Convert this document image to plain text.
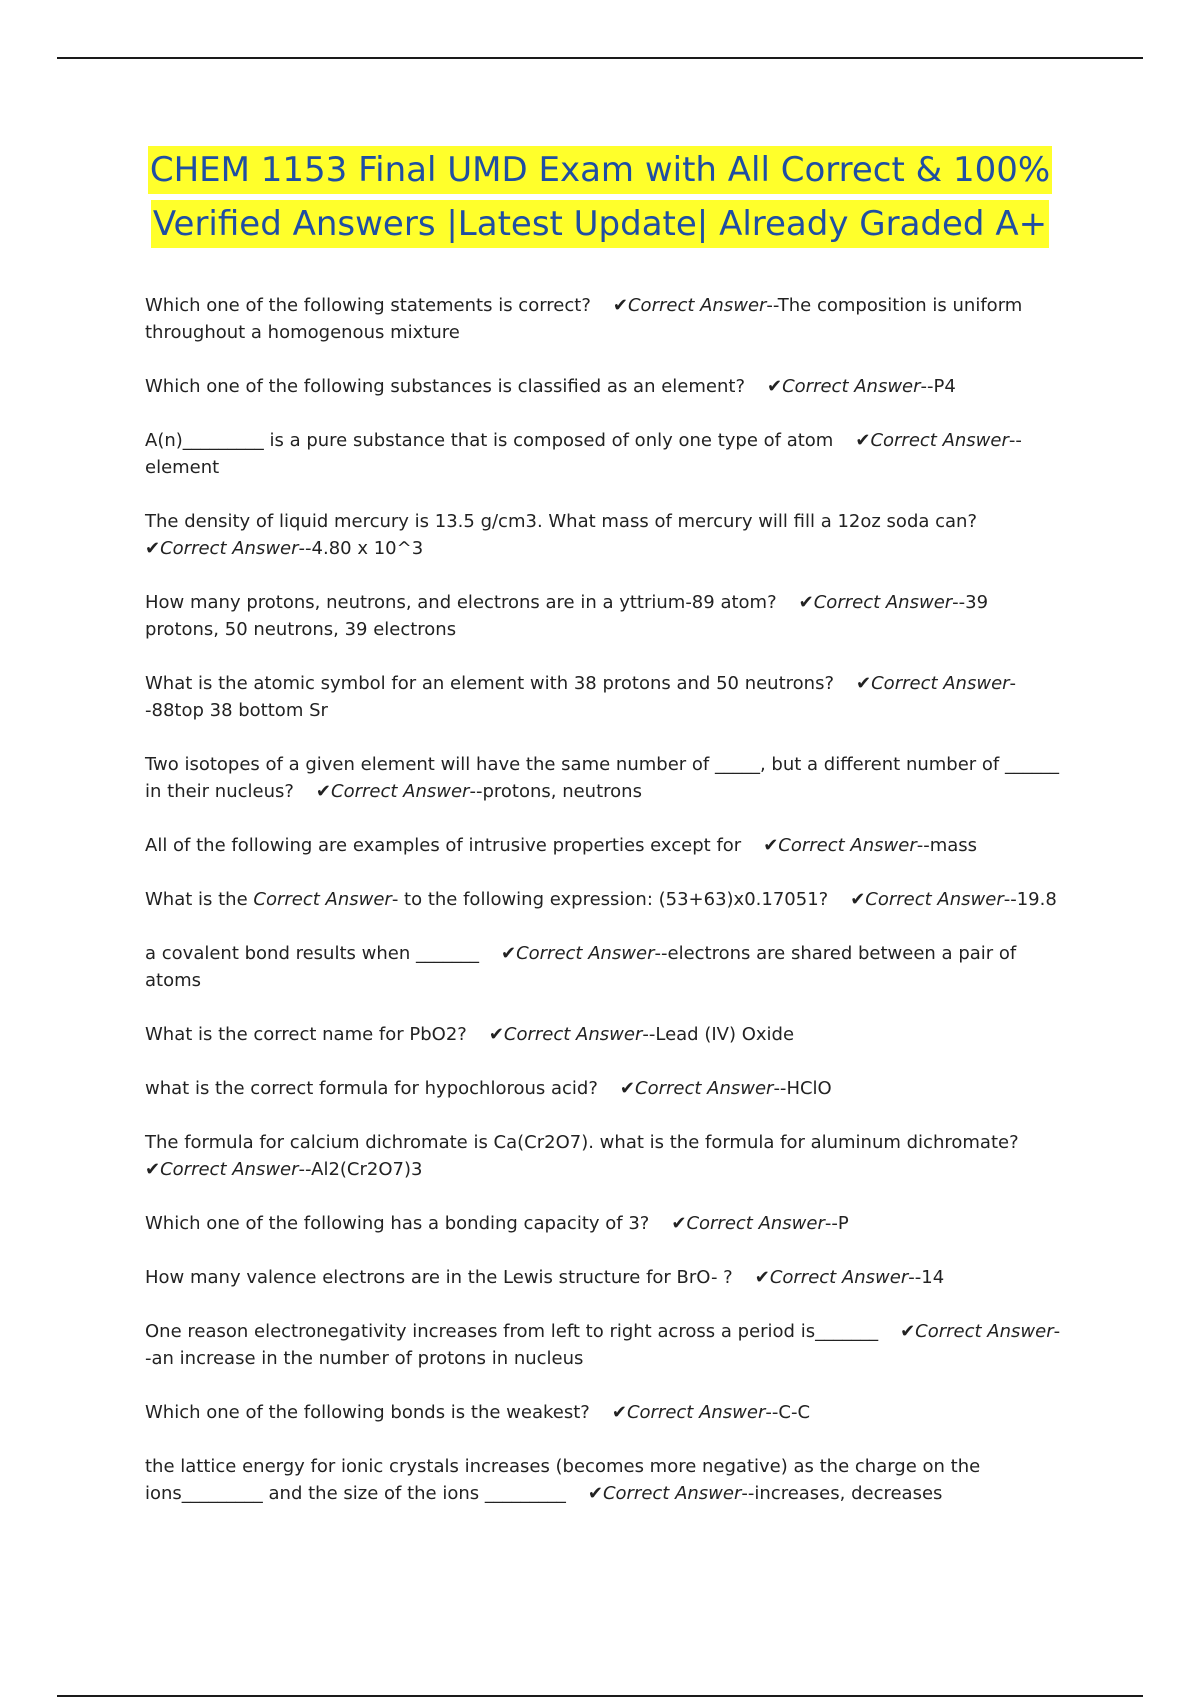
CHEM 1153 Final UMD Exam with All Correct & 100%
Verified Answers |Latest Update| Already Graded A+
Which one of the following statements is correct? ✔Correct Answer--The composition is uniform throughout a homogenous mixture
Which one of the following substances is classified as an element? ✔Correct Answer--P4
A(n)_________ is a pure substance that is composed of only one type of atom ✔Correct Answer--element
The density of liquid mercury is 13.5 g/cm3. What mass of mercury will fill a 12oz soda can?✔Correct Answer--4.80 x 10^3
How many protons, neutrons, and electrons are in a yttrium-89 atom? ✔Correct Answer--39 protons, 50 neutrons, 39 electrons
What is the atomic symbol for an element with 38 protons and 50 neutrons? ✔Correct Answer--88top 38 bottom Sr
Two isotopes of a given element will have the same number of _____, but a different number of ______ in their nucleus? ✔Correct Answer--protons, neutrons
All of the following are examples of intrusive properties except for ✔Correct Answer--mass
What is the Correct Answer- to the following expression: (53+63)x0.17051? ✔Correct Answer--19.8
a covalent bond results when _______ ✔Correct Answer--electrons are shared between a pair of atoms
What is the correct name for PbO2? ✔Correct Answer--Lead (IV) Oxide
what is the correct formula for hypochlorous acid? ✔Correct Answer--HClO
The formula for calcium dichromate is Ca(Cr2O7). what is the formula for aluminum dichromate?✔Correct Answer--Al2(Cr2O7)3
Which one of the following has a bonding capacity of 3? ✔Correct Answer--P
How many valence electrons are in the Lewis structure for BrO- ? ✔Correct Answer--14
One reason electronegativity increases from left to right across a period is_______ ✔Correct Answer--an increase in the number of protons in nucleus
Which one of the following bonds is the weakest? ✔Correct Answer--C-C
the lattice energy for ionic crystals increases (becomes more negative) as the charge on the ions_________ and the size of the ions _________ ✔Correct Answer--increases, decreases
